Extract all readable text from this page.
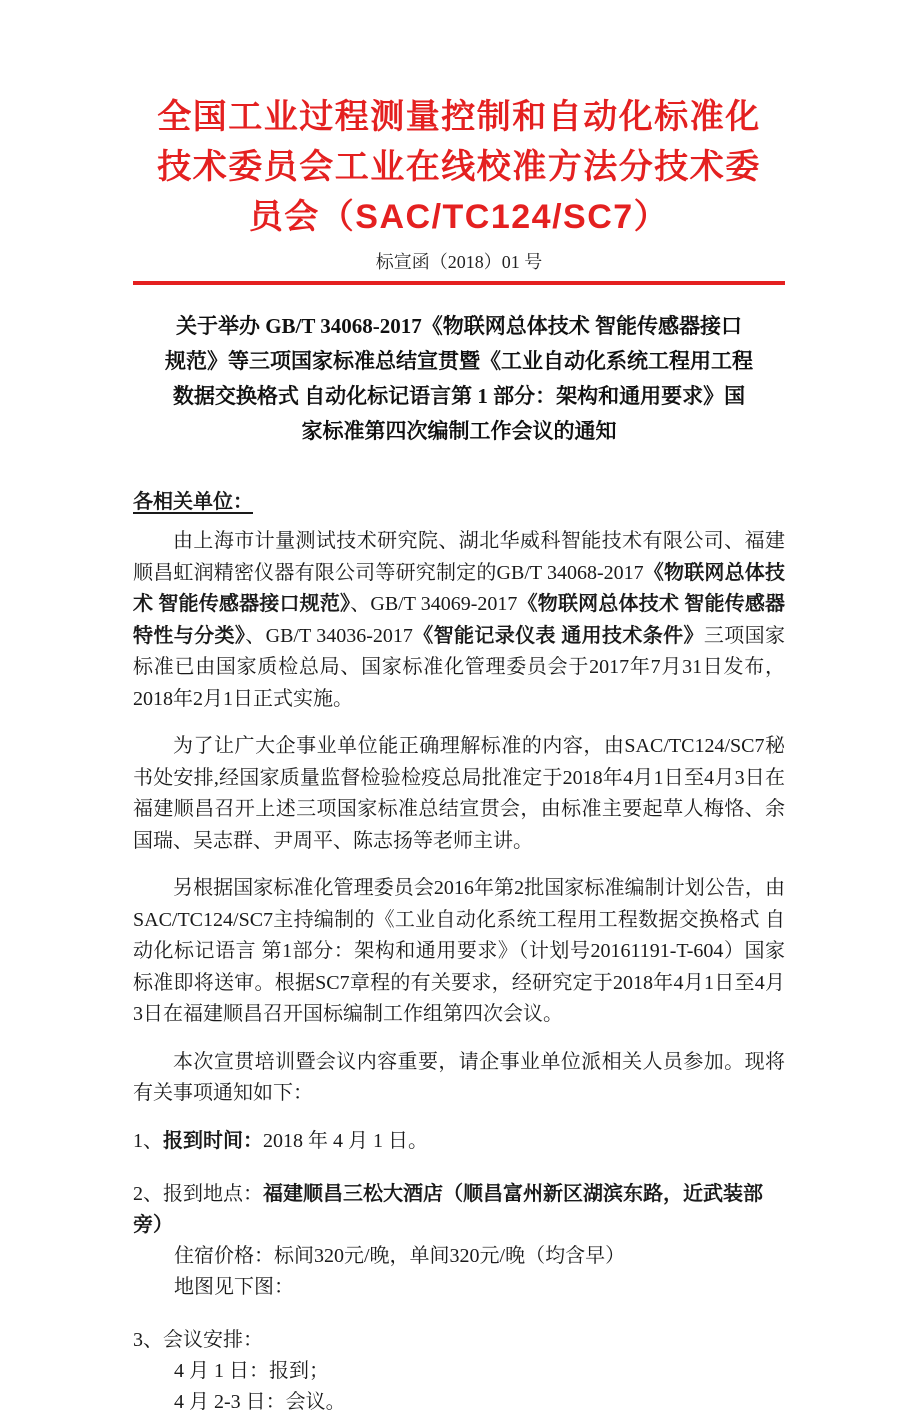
全国工业过程测量控制和自动化标准化
技术委员会工业在线校准方法分技术委
员会（SAC/TC124/SC7）
标宣函（2018）01 号
关于举办 GB/T 34068-2017《物联网总体技术 智能传感器接口
规范》等三项国家标准总结宣贯暨《工业自动化系统工程用工程
数据交换格式 自动化标记语言第 1 部分：架构和通用要求》国
家标准第四次编制工作会议的通知
各相关单位：

由上海市计量测试技术研究院、湖北华威科智能技术有限公司、福建顺昌虹润精密仪器有限公司等研究制定的GB/T 34068-2017《物联网总体技术 智能传感器接口规范》、GB/T 34069-2017《物联网总体技术 智能传感器特性与分类》、GB/T 34036-2017《智能记录仪表 通用技术条件》三项国家标准已由国家质检总局、国家标准化管理委员会于2017年7月31日发布，2018年2月1日正式实施。

为了让广大企事业单位能正确理解标准的内容，由SAC/TC124/SC7秘书处安排,经国家质量监督检验检疫总局批准定于2018年4月1日至4月3日在福建顺昌召开上述三项国家标准总结宣贯会，由标准主要起草人梅恪、余国瑞、吴志群、尹周平、陈志扬等老师主讲。

另根据国家标准化管理委员会2016年第2批国家标准编制计划公告，由SAC/TC124/SC7主持编制的《工业自动化系统工程用工程数据交换格式 自动化标记语言 第1部分：架构和通用要求》（计划号20161191-T-604）国家标准即将送审。根据SC7章程的有关要求，经研究定于2018年4月1日至4月3日在福建顺昌召开国标编制工作组第四次会议。

本次宣贯培训暨会议内容重要，请企事业单位派相关人员参加。现将有关事项通知如下：

1、报到时间：2018 年 4 月 1 日。
2、报到地点：福建顺昌三松大酒店（顺昌富州新区湖滨东路，近武装部旁）
住宿价格：标间320元/晚，单间320元/晚（均含早）
地图见下图：
3、会议安排：
4 月 1 日：报到；
4 月 2-3 日：会议。
